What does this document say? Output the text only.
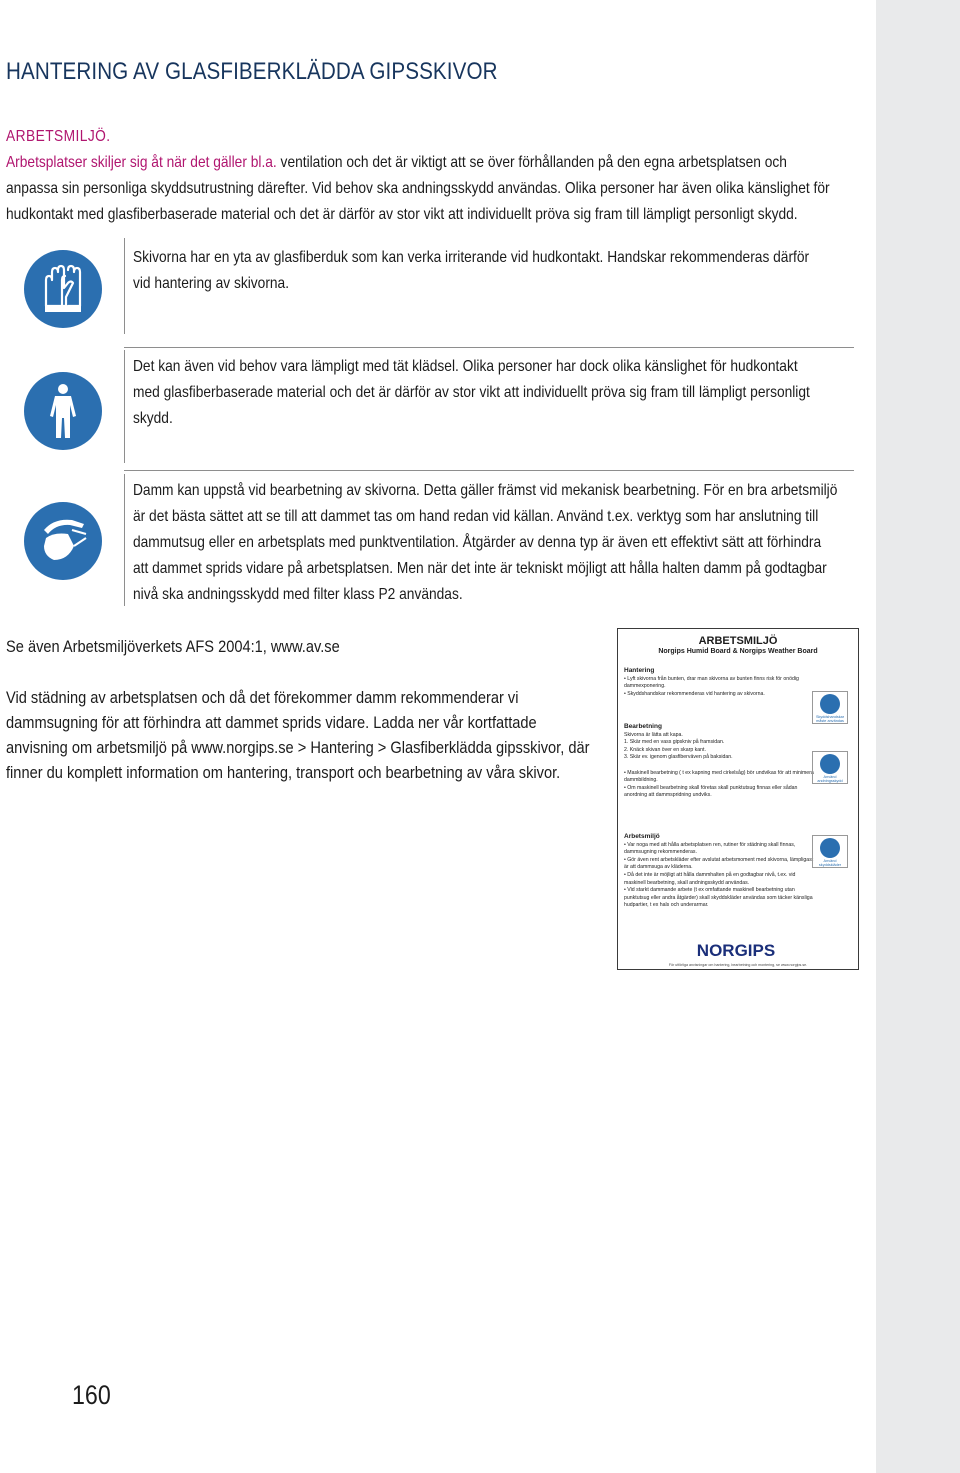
HANTERING AV GLASFIBERKLÄDDA GIPSSKIVOR
ARBETSMILJÖ.
Arbetsplatser skiljer sig åt när det gäller bl.a. ventilation och det är viktigt att se över förhållanden på den egna arbetsplatsen och anpassa sin personliga skyddsutrustning därefter. Vid behov ska andningsskydd användas. Olika personer har även olika känslighet för hudkontakt med glasfiberbaserade material och det är därför av stor vikt att individuellt pröva sig fram till lämpligt personligt skydd.
Skivorna har en yta av glasfiberduk som kan verka irriterande vid hudkontakt. Handskar rekommenderas därför vid hantering av skivorna.
Det kan även vid behov vara lämpligt med tät klädsel. Olika personer har dock olika känslighet för hudkontakt med glasfiberbaserade material och det är därför av stor vikt att individuellt pröva sig fram till lämpligt personligt skydd.
Damm kan uppstå vid bearbetning av skivorna. Detta gäller främst vid mekanisk bearbetning. För en bra arbetsmiljö är det bästa sättet att se till att dammet tas om hand redan vid källan. Använd t.ex. verktyg som har anslutning till dammutsug eller en arbetsplats med punktventilation. Åtgärder av denna typ är även ett effektivt sätt att förhindra att dammet sprids vidare på arbetsplatsen. Men när det inte är tekniskt möjligt att hålla halten damm på godtagbar nivå ska andningsskydd med filter klass P2 användas.
Se även Arbetsmiljöverkets AFS 2004:1, www.av.se
Vid städning av arbetsplatsen och då det förekommer damm rekommenderar vi dammsugning för att förhindra att dammet sprids vidare. Ladda ner vår kortfattade anvisning om arbetsmiljö på www.norgips.se > Hantering > Glasfiberklädda gipsskivor, där finner du komplett information om hantering, transport och bearbetning av våra skivor.
ARBETSMILJÖ
Norgips Humid Board & Norgips Weather Board
Hantering
• Lyft skivorna från bunten, drar man skivorna av bunten finns risk för onödig dammexponering.
• Skyddshandskar rekommenderas vid hantering av skivorna.
Skyddshandskar måste användas
Bearbetning
Skivorna är lätta att kapa.
1. Skär med en vass gipskniv på framsidan.
2. Knäck skivan över en skarp kant.
3. Skär ev. igenom glasfiberväven på baksidan.

• Maskinell bearbetning ( t ex kapning med cirkelsåg) bör undvikas för att minimera dammbildning.
• Om maskinell bearbetning skall företas skall punktutsug finnas eller sådan anordning att dammspridning undviks.
Använd andningsskydd
Arbetsmiljö
• Var noga med att hålla arbetsplatsen ren, rutiner för städning skall finnas, dammsugning rekommenderas.
• Gör även rent arbetskläder efter avslutat arbetsmoment med skivorna, lämpligast är att dammsuga av kläderna.
• Då det inte är möjligt att hålla dammhalten på en godtagbar nivå, t.ex. vid maskinell bearbetning, skall andningsskydd användas.
• Vid starkt dammande arbete (t ex omfattande maskinell bearbetning utan punktutsug eller andra åtgärder) skall skyddskläder användas som täcker känsliga hudpartier, t ex hals och underarmar.
Använd skyddskläder
NORGIPS
För utförliga anvisningar om hantering, bearbetning och montering, se www.norgips.se.
160
